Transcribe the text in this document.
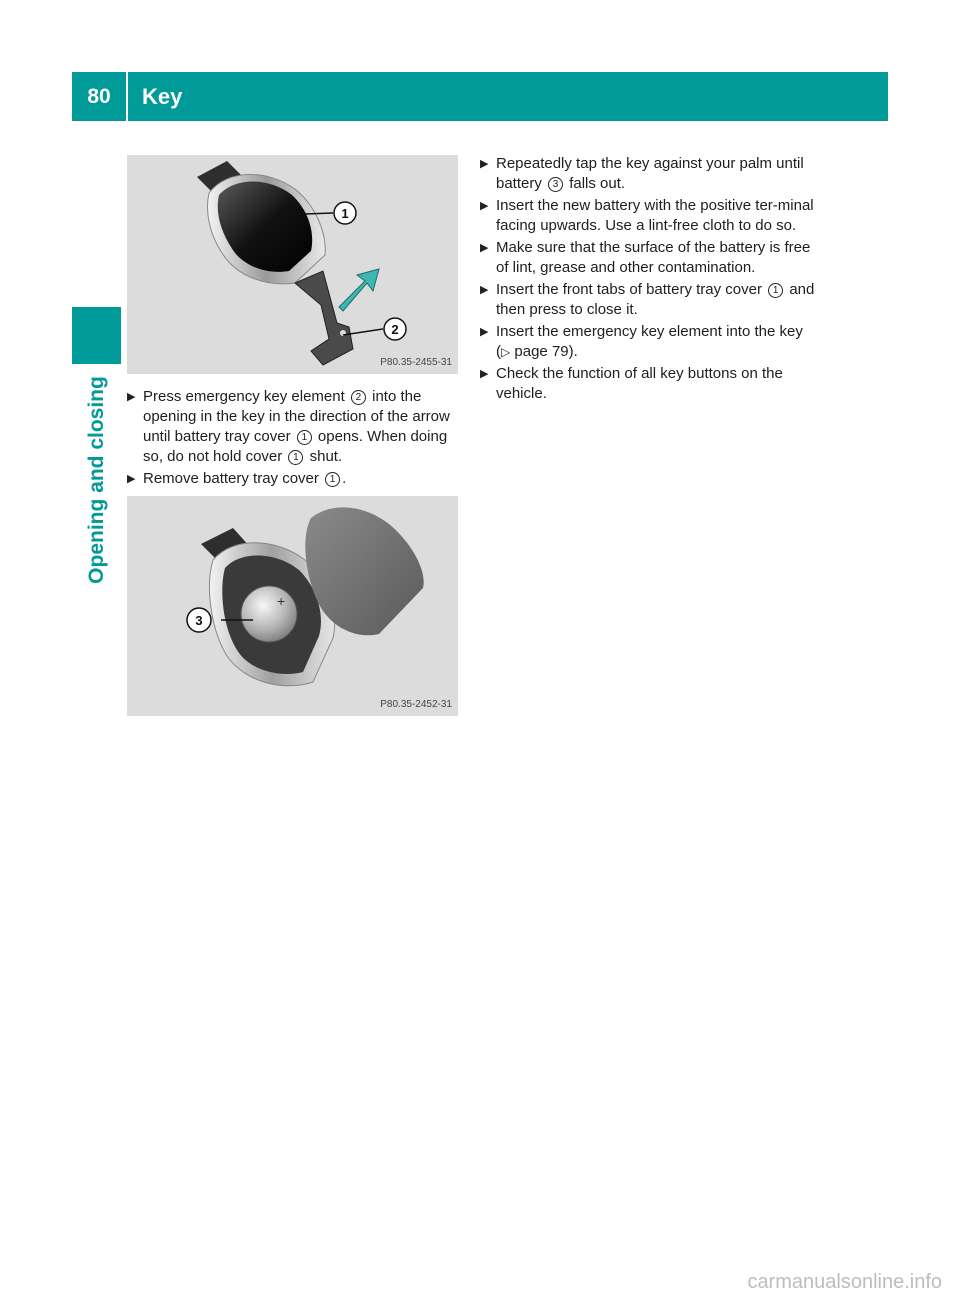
80	Key
Opening and closing
1
2
P80.35-2455-31
▶ Press emergency key element 2 into the opening in the key in the direction of the arrow until battery tray cover 1 opens. When doing so, do not hold cover 1 shut.
▶ Remove battery tray cover 1 .
+
3
P80.35-2452-31
▶ Repeatedly tap the key against your palm until battery 3 falls out.
▶ Insert the new battery with the positive ter-minal facing upwards. Use a lint-free cloth to do so.
▶ Make sure that the surface of the battery is free of lint, grease and other contamination.
▶ Insert the front tabs of battery tray cover 1 and then press to close it.
▶ Insert the emergency key element into the key (▷ page 79).
▶ Check the function of all key buttons on the vehicle.
carmanualsonline.info
